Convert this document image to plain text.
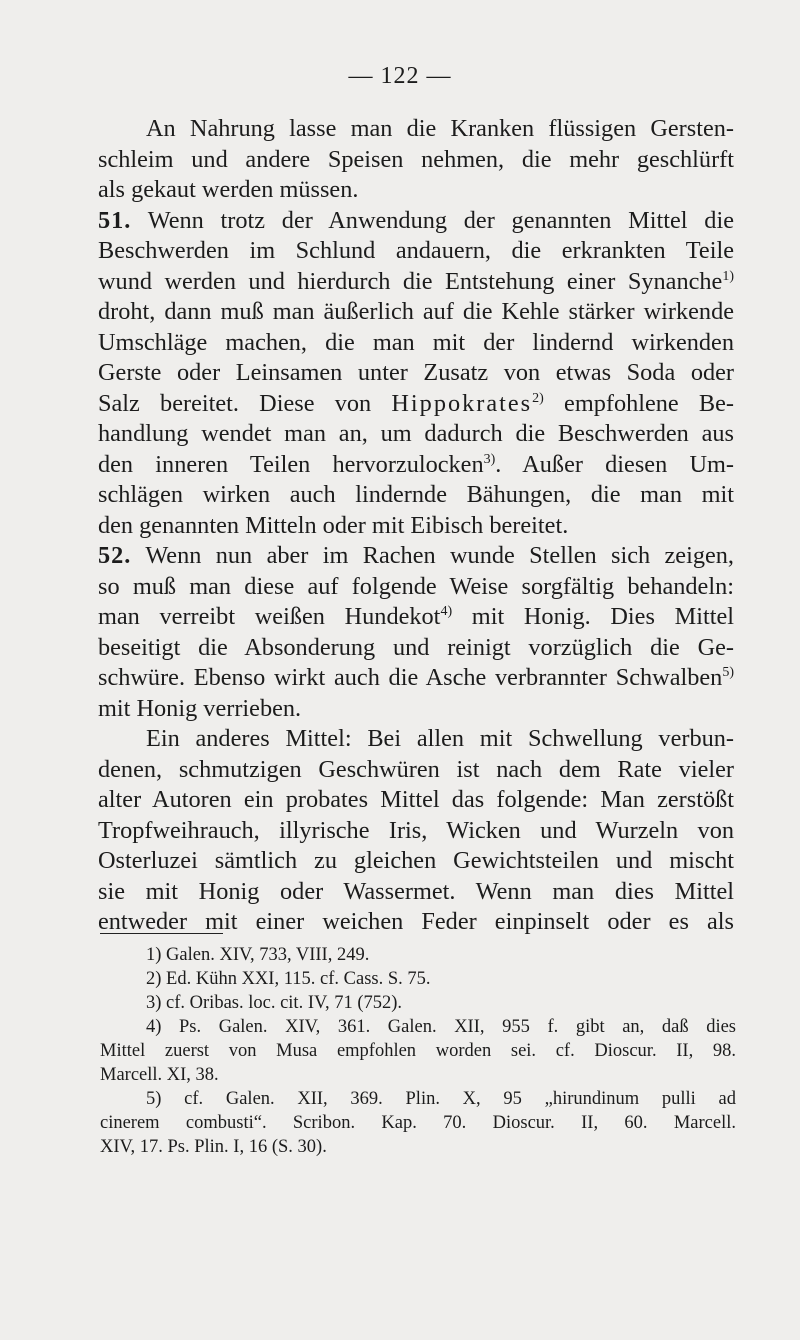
— 122 —
An Nahrung lasse man die Kranken flüssigen Gersten-
schleim und andere Speisen nehmen, die mehr geschlürft
als gekaut werden müssen.
51. Wenn trotz der Anwendung der genannten Mittel die
Beschwerden im Schlund andauern, die erkrankten Teile
wund werden und hierdurch die Entstehung einer Synanche$^{1)}$
droht, dann muß man äußerlich auf die Kehle stärker wirkende
Umschläge machen, die man mit der lindernd wirkenden
Gerste oder Leinsamen unter Zusatz von etwas Soda oder
Salz bereitet. Diese von Hippokrates$^{2)}$ empfohlene Be-
handlung wendet man an, um dadurch die Beschwerden aus
den inneren Teilen hervorzulocken$^{3)}$. Außer diesen Um-
schlägen wirken auch lindernde Bähungen, die man mit
den genannten Mitteln oder mit Eibisch bereitet.
52. Wenn nun aber im Rachen wunde Stellen sich zeigen,
so muß man diese auf folgende Weise sorgfältig behandeln:
man verreibt weißen Hundekot$^{4)}$ mit Honig. Dies Mittel
beseitigt die Absonderung und reinigt vorzüglich die Ge-
schwüre. Ebenso wirkt auch die Asche verbrannter Schwalben$^{5)}$
mit Honig verrieben.
Ein anderes Mittel: Bei allen mit Schwellung verbun-
denen, schmutzigen Geschwüren ist nach dem Rate vieler
alter Autoren ein probates Mittel das folgende: Man zerstößt
Tropfweihrauch, illyrische Iris, Wicken und Wurzeln von
Osterluzei sämtlich zu gleichen Gewichtsteilen und mischt
sie mit Honig oder Wassermet. Wenn man dies Mittel
entweder mit einer weichen Feder einpinselt oder es als
1) Galen. XIV, 733, VIII, 249.
2) Ed. Kühn XXI, 115. cf. Cass. S. 75.
3) cf. Oribas. loc. cit. IV, 71 (752).
4) Ps. Galen. XIV, 361. Galen. XII, 955 f. gibt an, daß dies
Mittel zuerst von Musa empfohlen worden sei. cf. Dioscur. II, 98.
Marcell. XI, 38.
5) cf. Galen. XII, 369. Plin. X, 95 „hirundinum pulli ad
cinerem combusti“. Scribon. Kap. 70. Dioscur. II, 60. Marcell.
XIV, 17. Ps. Plin. I, 16 (S. 30).
